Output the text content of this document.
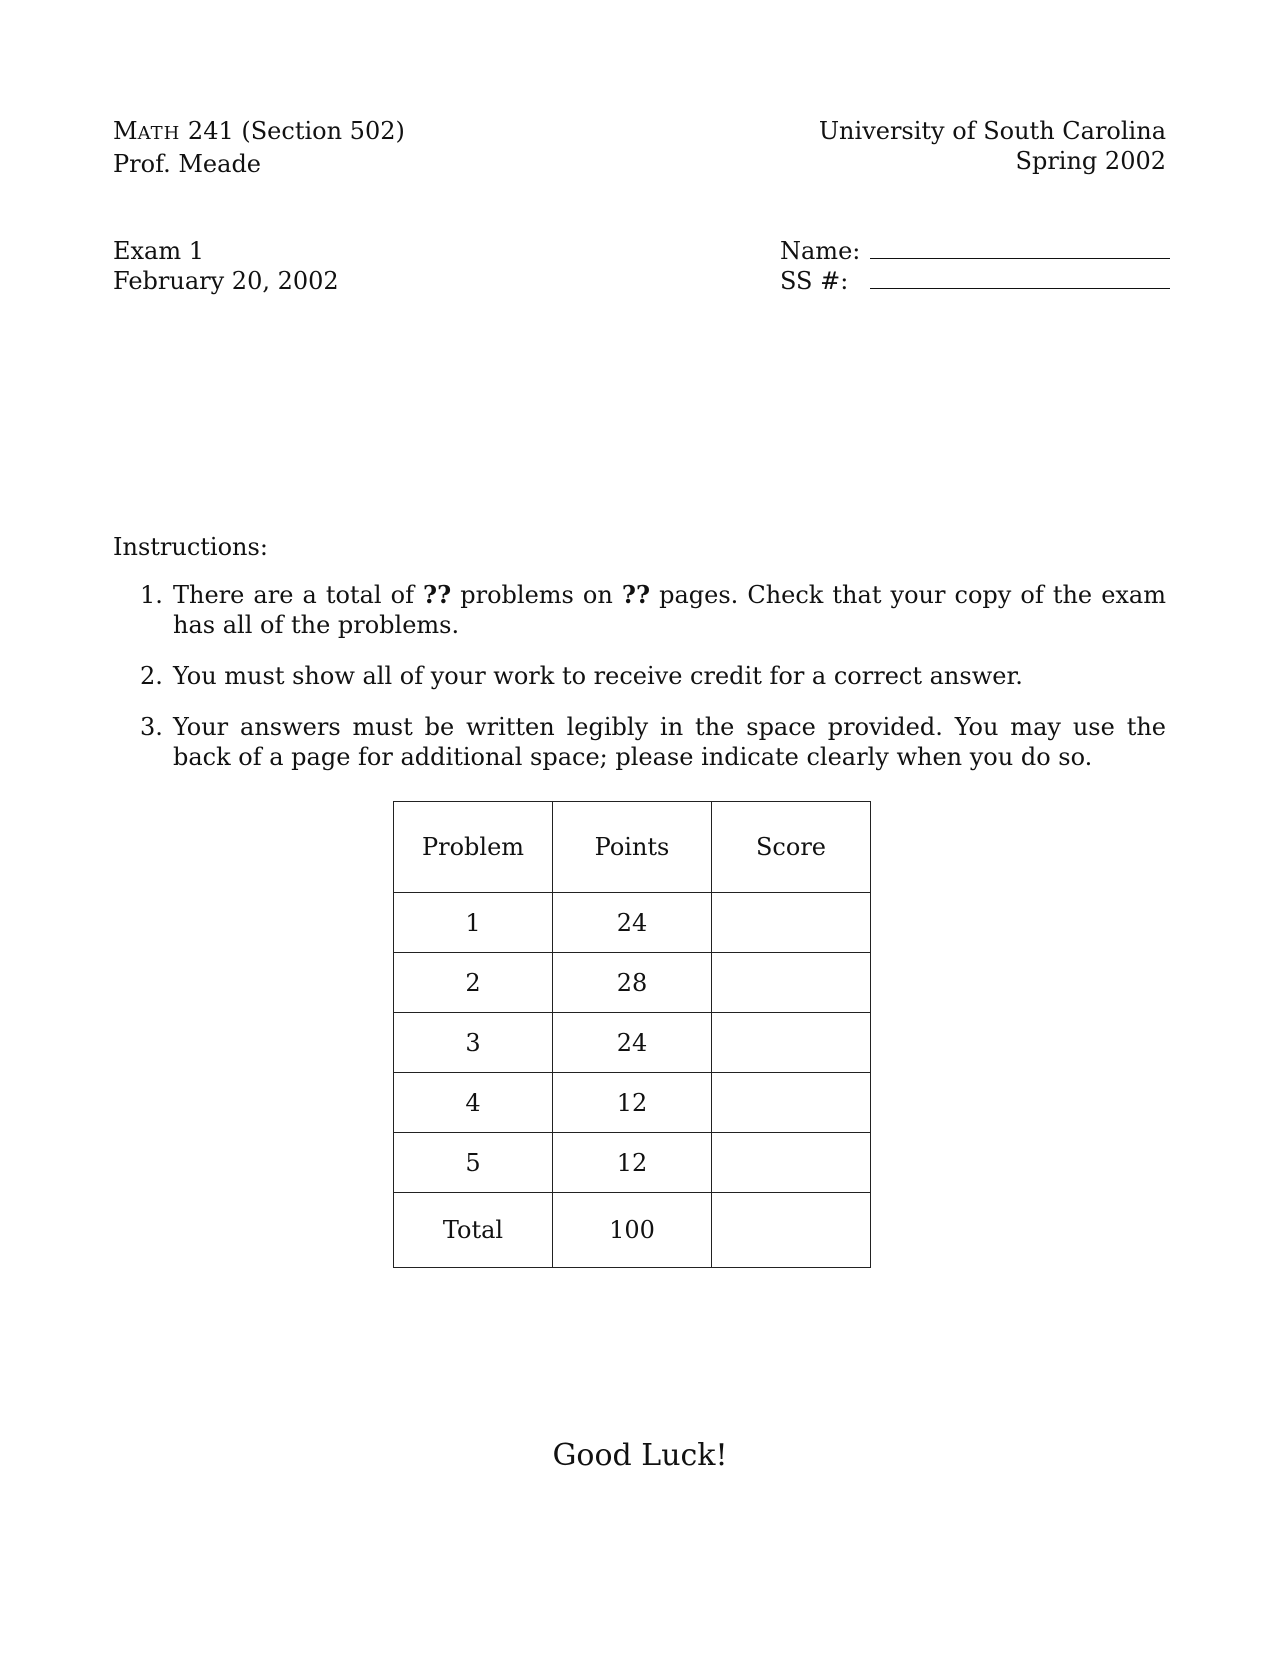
MATH 241 (Section 502)
Prof. Meade
University of South Carolina
Spring 2002
Exam 1
February 20, 2002
Name:
SS #:
Instructions:
1. There are a total of ?? problems on ?? pages. Check that your copy of the exam has all of the problems.
2. You must show all of your work to receive credit for a correct answer.
3. Your answers must be written legibly in the space provided. You may use the back of a page for additional space; please indicate clearly when you do so.
Problem	Points	Score
1	24	
2	28	
3	24	
4	12	
5	12	
Total	100	
Good Luck!
